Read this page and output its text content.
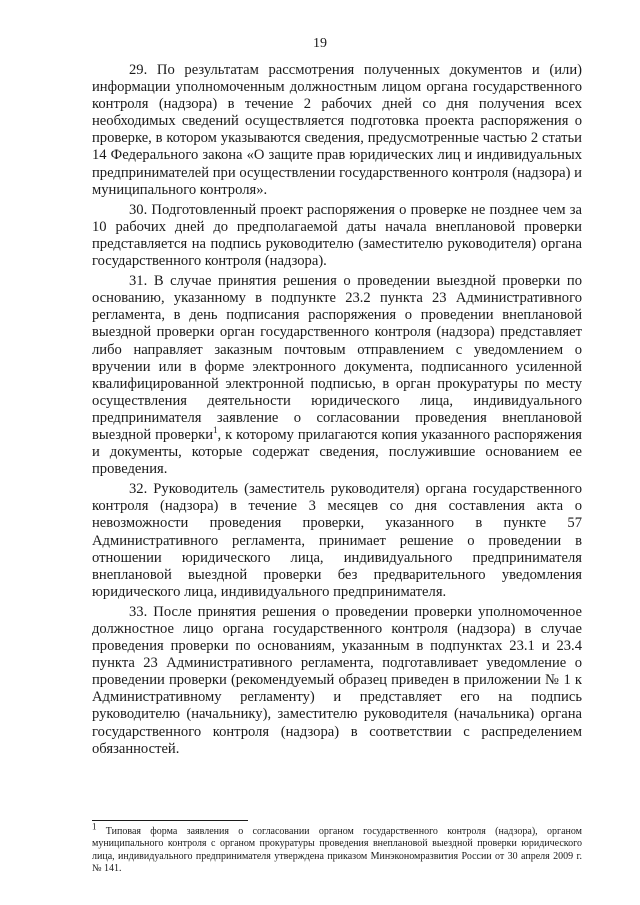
19

29. По результатам рассмотрения полученных документов и (или) информации уполномоченным должностным лицом органа государственного контроля (надзора) в течение 2 рабочих дней со дня получения всех необходимых сведений осуществляется подготовка проекта распоряжения о проверке, в котором указываются сведения, предусмотренные частью 2 статьи 14 Федерального закона «О защите прав юридических лиц и индивидуальных предпринимателей при осуществлении государственного контроля (надзора) и муниципального контроля».

30. Подготовленный проект распоряжения о проверке не позднее чем за 10 рабочих дней до предполагаемой даты начала внеплановой проверки представляется на подпись руководителю (заместителю руководителя) органа государственного контроля (надзора).

31. В случае принятия решения о проведении выездной проверки по основанию, указанному в подпункте 23.2 пункта 23 Административного регламента, в день подписания распоряжения о проведении внеплановой выездной проверки орган государственного контроля (надзора) представляет либо направляет заказным почтовым отправлением с уведомлением о вручении или в форме электронного документа, подписанного усиленной квалифицированной электронной подписью, в орган прокуратуры по месту осуществления деятельности юридического лица, индивидуального предпринимателя заявление о согласовании проведения внеплановой выездной проверки$^1$, к которому прилагаются копия указанного распоряжения и документы, которые содержат сведения, послужившие основанием ее проведения.

32. Руководитель (заместитель руководителя) органа государственного контроля (надзора) в течение 3 месяцев со дня составления акта о невозможности проведения проверки, указанного в пункте 57 Административного регламента, принимает решение о проведении в отношении юридического лица, индивидуального предпринимателя внеплановой выездной проверки без предварительного уведомления юридического лица, индивидуального предпринимателя.

33. После принятия решения о проведении проверки уполномоченное должностное лицо органа государственного контроля (надзора) в случае проведения проверки по основаниям, указанным в подпунктах 23.1 и 23.4 пункта 23 Административного регламента, подготавливает уведомление о проведении проверки (рекомендуемый образец приведен в приложении № 1 к Административному регламенту) и представляет его на подпись руководителю (начальнику), заместителю руководителя (начальника) органа государственного контроля (надзора) в соответствии с распределением обязанностей.

$^1$ Типовая форма заявления о согласовании органом государственного контроля (надзора), органом муниципального контроля с органом прокуратуры проведения внеплановой выездной проверки юридического лица, индивидуального предпринимателя утверждена приказом Минэкономразвития России от 30 апреля 2009 г. № 141.
